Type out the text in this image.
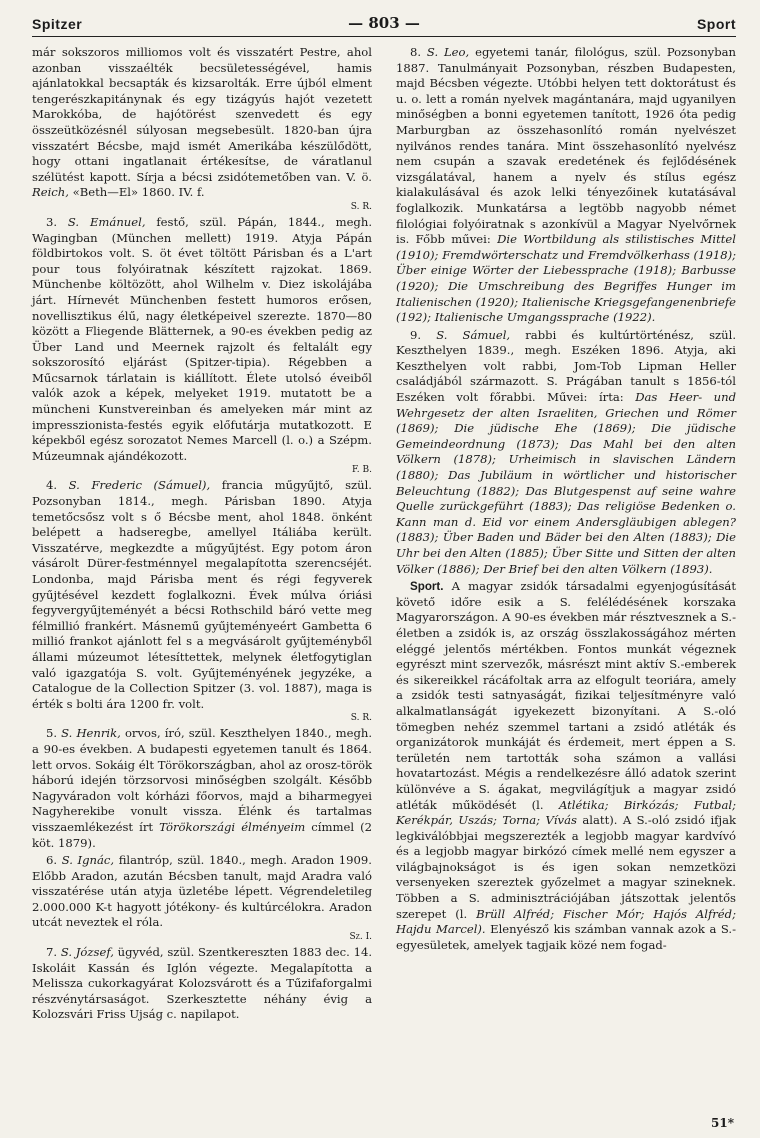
Spitzer	— 803 —	Sport

már sokszoros milliomos volt és visszatért Pestre, ahol azonban visszaélték becsületességével, hamis ajánlatokkal becsapták és kizsarolták. Erre újból elment tengerészkapitánynak és egy tizágyús hajót vezetett Marokkóba, de hajótörést szenvedett és egy összeütközésnél súlyosan megsebesült. 1820-ban újra visszatért Bécsbe, majd ismét Amerikába készülődött, hogy ottani ingatlanait értékesítse, de váratlanul szélütést kapott. Sírja a bécsi zsidótemetőben van. V. ö. Reich, «Beth—El» 1860. IV. f.

S. R.

3. S. Emánuel, festő, szül. Pápán, 1844., megh. Wagingban (München mellett) 1919. Atyja Pápán földbirtokos volt. S. öt évet töltött Párisban és a L'art pour tous folyóiratnak készített rajzokat. 1869. Münchenbe költözött, ahol Wilhelm v. Diez iskolájába járt. Hírnevét Münchenben festett humoros erősen, novellisztikus élű, nagy életképeivel szerezte. 1870—80 között a Fliegende Blätternek, a 90-es években pedig az Über Land und Meernek rajzolt és feltalált egy sokszorosító eljárást (Spitzer-tipia). Régebben a Műcsarnok tárlatain is kiállított. Élete utolsó éveiből valók azok a képek, melyeket 1919. mutatott be a müncheni Kunstvereinban és amelyeken már mint az impresszionista-festés egyik előfutárja mutatkozott. E képekből egész sorozatot Nemes Marcell (l. o.) a Szépm. Múzeumnak ajándékozott.

F. B.

4. S. Frederic (Sámuel), francia műgyűjtő, szül. Pozsonyban 1814., megh. Párisban 1890. Atyja temetőcsősz volt s ő Bécsbe ment, ahol 1848. önként belépett a hadseregbe, amellyel Itáliába került. Visszatérve, megkezdte a műgyűjtést. Egy potom áron vásárolt Dürer-festménnyel megalapította szerencséjét. Londonba, majd Párisba ment és régi fegyverek gyűjtésével kezdett foglalkozni. Évek múlva óriási fegyvergyűjteményét a bécsi Rothschild báró vette meg félmillió frankért. Másnemű gyűjteményeért Gambetta 6 millió frankot ajánlott fel s a megvásárolt gyűjteményből állami múzeumot létesíttettek, melynek életfogytiglan való igazgatója S. volt. Gyűjteményének jegyzéke, a Catalogue de la Collection Spitzer (3. vol. 1887), maga is érték s bolti ára 1200 fr. volt.

S. R.

5. S. Henrik, orvos, író, szül. Keszthelyen 1840., megh. a 90-es években. A budapesti egyetemen tanult és 1864. lett orvos. Sokáig élt Törökországban, ahol az orosz-török háború idején törzsorvosi minőségben szolgált. Később Nagyváradon volt kórházi főorvos, majd a biharmegyei Nagyherekibe vonult vissza. Élénk és tartalmas visszaemlékezést írt Törökországi élményeim címmel (2 köt. 1879).

6. S. Ignác, filantróp, szül. 1840., megh. Aradon 1909. Előbb Aradon, azután Bécsben tanult, majd Aradra való visszatérése után atyja üzletébe lépett. Végrendeletileg 2.000.000 K-t hagyott jótékony- és kultúrcélokra. Aradon utcát neveztek el róla.

Sz. I.

7. S. József, ügyvéd, szül. Szentkereszten 1883 dec. 14. Iskoláit Kassán és Iglón végezte. Megalapította a Melissza cukorkagyárat Kolozsvárott és a Tűzifaforgalmi részvénytársaságot. Szerkesztette néhány évig a Kolozsvári Friss Ujság c. napilapot.

8. S. Leo, egyetemi tanár, filológus, szül. Pozsonyban 1887. Tanulmányait Pozsonyban, részben Budapesten, majd Bécsben végezte. Utóbbi helyen tett doktorátust és u. o. lett a román nyelvek magántanára, majd ugyanilyen minőségben a bonni egyetemen tanított, 1926 óta pedig Marburgban az összehasonlító román nyelvészet nyilvános rendes tanára. Mint összehasonlító nyelvész nem csupán a szavak eredetének és fejlődésének vizsgálatával, hanem a nyelv és stílus egész kialakulásával és azok lelki tényezőinek kutatásával foglalkozik. Munkatársa a legtöbb nagyobb német filológiai folyóiratnak s azonkívül a Magyar Nyelvőrnek is. Főbb művei: Die Wortbildung als stilistisches Mittel (1910); Fremdwörterschatz und Fremdvölkerhass (1918); Über einige Wörter der Liebessprache (1918); Barbusse (1920); Die Umschreibung des Begriffes Hunger im Italienischen (1920); Italienische Kriegsgefangenenbriefe (192); Italienische Umgangssprache (1922).

9. S. Sámuel, rabbi és kultúrtörténész, szül. Keszthelyen 1839., megh. Eszéken 1896. Atyja, aki Keszthelyen volt rabbi, Jom-Tob Lipman Heller családjából származott. S. Prágában tanult s 1856-tól Eszéken volt főrabbi. Művei: írta: Das Heer- und Wehrgesetz der alten Israeliten, Griechen und Römer (1869); Die jüdische Ehe (1869); Die jüdische Gemeindeordnung (1873); Das Mahl bei den alten Völkern (1878); Urheimisch in slavischen Ländern (1880); Das Jubiläum in wörtlicher und historischer Beleuchtung (1882); Das Blutgespenst auf seine wahre Quelle zurückgeführt (1883); Das religiöse Bedenken o. Kann man d. Eid vor einem Andersgläubigen ablegen? (1883); Über Baden und Bäder bei den Alten (1883); Die Uhr bei den Alten (1885); Über Sitte und Sitten der alten Völker (1886); Der Brief bei den alten Völkern (1893).

Sport. A magyar zsidók társadalmi egyenjogúsítását követő időre esik a S. felélédésének korszaka Magyarországon. A 90-es években már résztvesznek a S.-életben a zsidók is, az ország összlakosságához mérten eléggé jelentős mértékben. Fontos munkát végeznek egyrészt mint szervezők, másrészt mint aktív S.-emberek és sikereikkel rácáfoltak arra az elfogult teoriára, amely a zsidók testi satnyaságát, fizikai teljesítményre való alkalmatlanságát igyekezett bizonyítani. A S.-oló tömegben nehéz szemmel tartani a zsidó atléták és organizátorok munkáját és érdemeit, mert éppen a S. területén nem tartották soha számon a vallási hovatartozást. Mégis a rendelkezésre álló adatok szerint különvéve a S. ágakat, megvilágítjuk a magyar zsidó atléták működését (l. Atlétika; Birkózás; Futbal; Kerékpár, Uszás; Torna; Vívás alatt). A S.-oló zsidó ifjak legkiválóbbjai megszerezték a legjobb magyar kardvívó és a legjobb magyar birkózó címek mellé nem egyszer a világbajnokságot is és igen sokan nemzetközi versenyeken szereztek győzelmet a magyar szineknek. Többen a S. adminisztrációjában játszottak jelentős szerepet (l. Brüll Alfréd; Fischer Mór; Hajós Alfréd; Hajdu Marcel). Elenyésző kis számban vannak azok a S.-egyesületek, amelyek tagjaik közé nem fogad-

51*
